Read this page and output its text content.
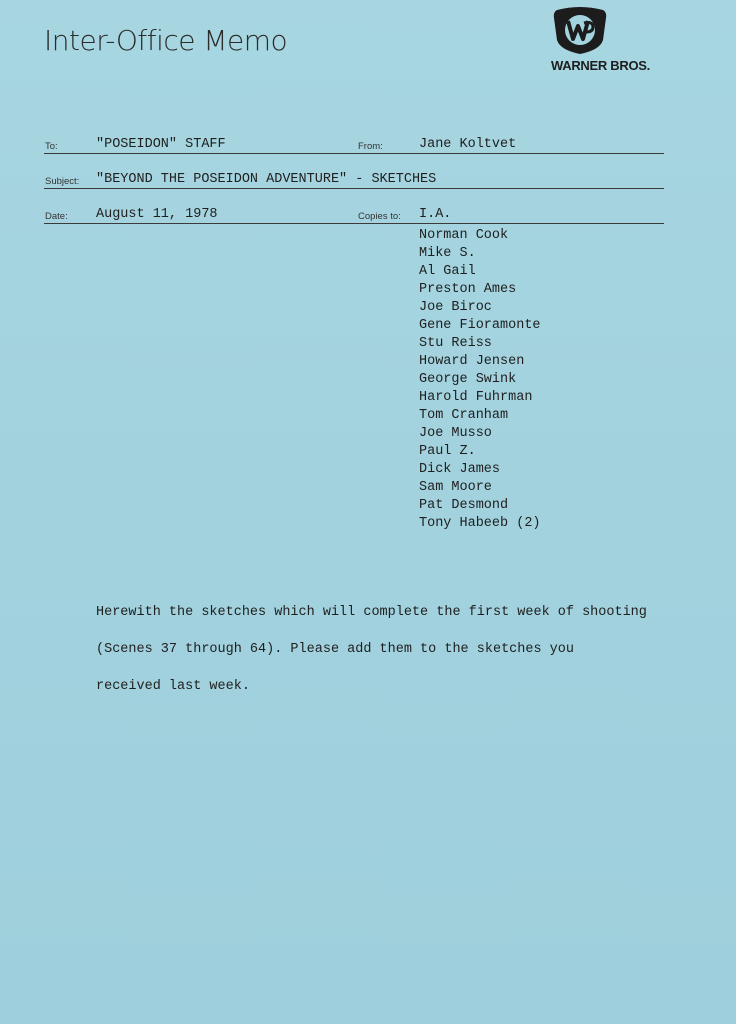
Inter-Office Memo
WARNER BROS.
To:	"POSEIDON" STAFF	From:	Jane Koltvet
Subject: "BEYOND THE POSEIDON ADVENTURE" - SKETCHES
Date: August 11, 1978	Copies to: I.A.
Norman Cook
Mike S.
Al Gail
Preston Ames
Joe Biroc
Gene Fioramonte
Stu Reiss
Howard Jensen
George Swink
Harold Fuhrman
Tom Cranham
Joe Musso
Paul Z.
Dick James
Sam Moore
Pat Desmond
Tony Habeeb (2)
Herewith the sketches which will complete the first week of shooting
(Scenes 37 through 64). Please add them to the sketches you
received last week.
